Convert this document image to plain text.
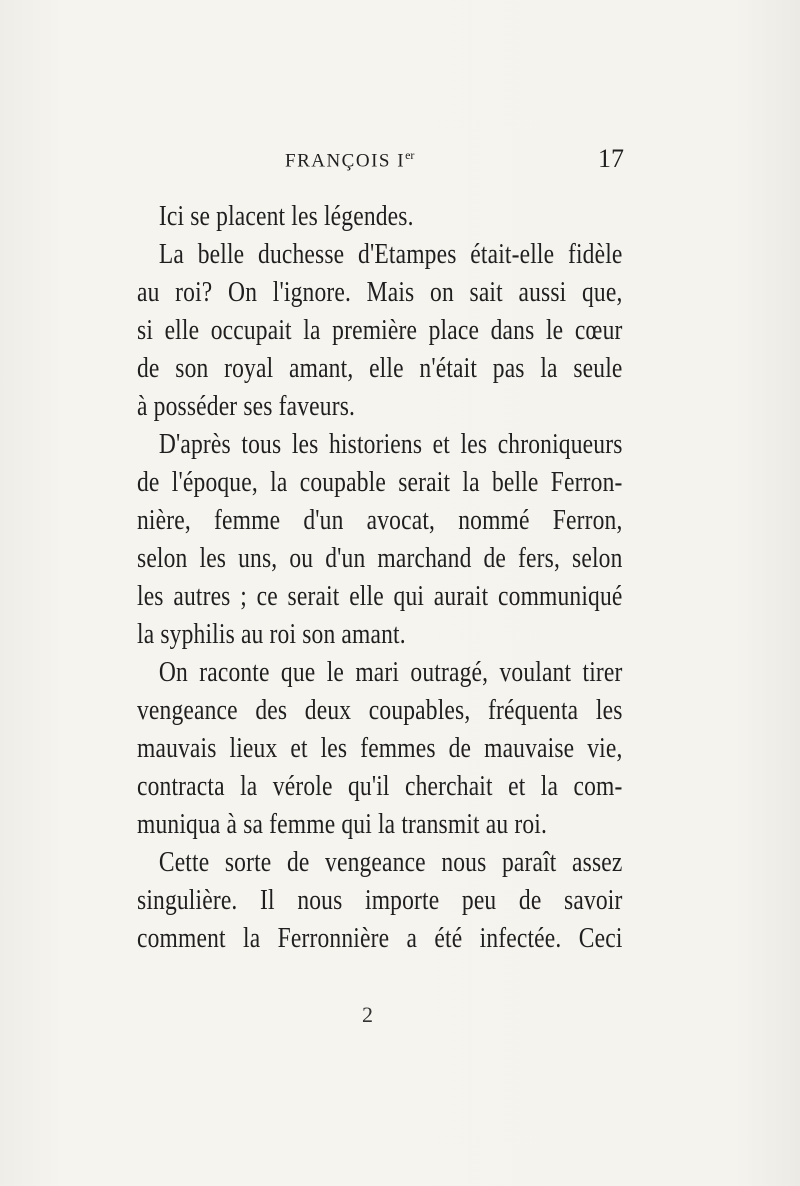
FRANÇOIS Ier	17
Ici se placent les légendes.
La belle duchesse d'Etampes était-elle fidèle
au roi? On l'ignore. Mais on sait aussi que,
si elle occupait la première place dans le cœur
de son royal amant, elle n'était pas la seule
à posséder ses faveurs.
D'après tous les historiens et les chroniqueurs
de l'époque, la coupable serait la belle Ferron-
nière, femme d'un avocat, nommé Ferron,
selon les uns, ou d'un marchand de fers, selon
les autres ; ce serait elle qui aurait communiqué
la syphilis au roi son amant.
On raconte que le mari outragé, voulant tirer
vengeance des deux coupables, fréquenta les
mauvais lieux et les femmes de mauvaise vie,
contracta la vérole qu'il cherchait et la com-
muniqua à sa femme qui la transmit au roi.
Cette sorte de vengeance nous paraît assez
singulière. Il nous importe peu de savoir
comment la Ferronnière a été infectée. Ceci
2
